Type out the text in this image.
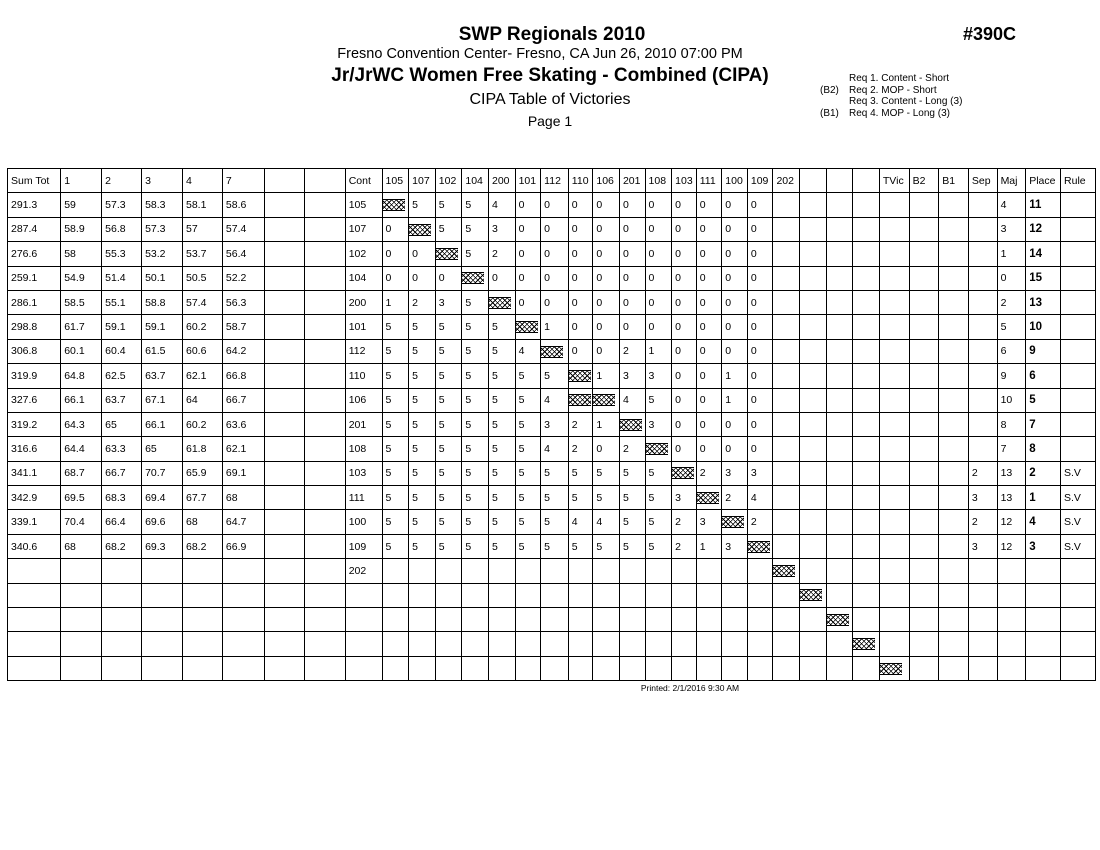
SWP Regionals 2010
Fresno Convention Center- Fresno, CA Jun 26, 2010 07:00 PM
Jr/JrWC Women Free Skating - Combined (CIPA)
CIPA Table of Victories
Page 1
#390C
Req 1. Content - Short
(B2)	Req 2. MOP - Short
Req 3. Content - Long (3)
(B1)	Req 4. MOP - Long (3)
Sum Tot	1	2	3	4	7			Cont	105	107	102	104	200	101	112	110	106	201	108	103	111	100	109	202				TVic	B2	B1	Sep	Maj	Place	Rule
291.3	59	57.3	58.3	58.1	58.6			105		5	5	5	4	0	0	0	0	0	0	0	0	0	0									4	11	
287.4	58.9	56.8	57.3	57	57.4			107	0		5	5	3	0	0	0	0	0	0	0	0	0	0									3	12	
276.6	58	55.3	53.2	53.7	56.4			102	0	0		5	2	0	0	0	0	0	0	0	0	0	0									1	14	
259.1	54.9	51.4	50.1	50.5	52.2			104	0	0	0		0	0	0	0	0	0	0	0	0	0	0									0	15	
286.1	58.5	55.1	58.8	57.4	56.3			200	1	2	3	5		0	0	0	0	0	0	0	0	0	0									2	13	
298.8	61.7	59.1	59.1	60.2	58.7			101	5	5	5	5	5		1	0	0	0	0	0	0	0	0									5	10	
306.8	60.1	60.4	61.5	60.6	64.2			112	5	5	5	5	5	4		0	0	2	1	0	0	0	0									6	9	
319.9	64.8	62.5	63.7	62.1	66.8			110	5	5	5	5	5	5	5		1	3	3	0	0	1	0									9	6	
327.6	66.1	63.7	67.1	64	66.7			106	5	5	5	5	5	5	4			4	5	0	0	1	0									10	5	
319.2	64.3	65	66.1	60.2	63.6			201	5	5	5	5	5	5	3	2	1		3	0	0	0	0									8	7	
316.6	64.4	63.3	65	61.8	62.1			108	5	5	5	5	5	5	4	2	0	2		0	0	0	0									7	8	
341.1	68.7	66.7	70.7	65.9	69.1			103	5	5	5	5	5	5	5	5	5	5	5		2	3	3								2	13	2	S.V
342.9	69.5	68.3	69.4	67.7	68			111	5	5	5	5	5	5	5	5	5	5	5	3		2	4								3	13	1	S.V
339.1	70.4	66.4	69.6	68	64.7			100	5	5	5	5	5	5	5	4	4	5	5	2	3		2								2	12	4	S.V
340.6	68	68.2	69.3	68.2	66.9			109	5	5	5	5	5	5	5	5	5	5	5	2	1	3									3	12	3	S.V
								202																										

Printed: 2/1/2016 9:30 AM
